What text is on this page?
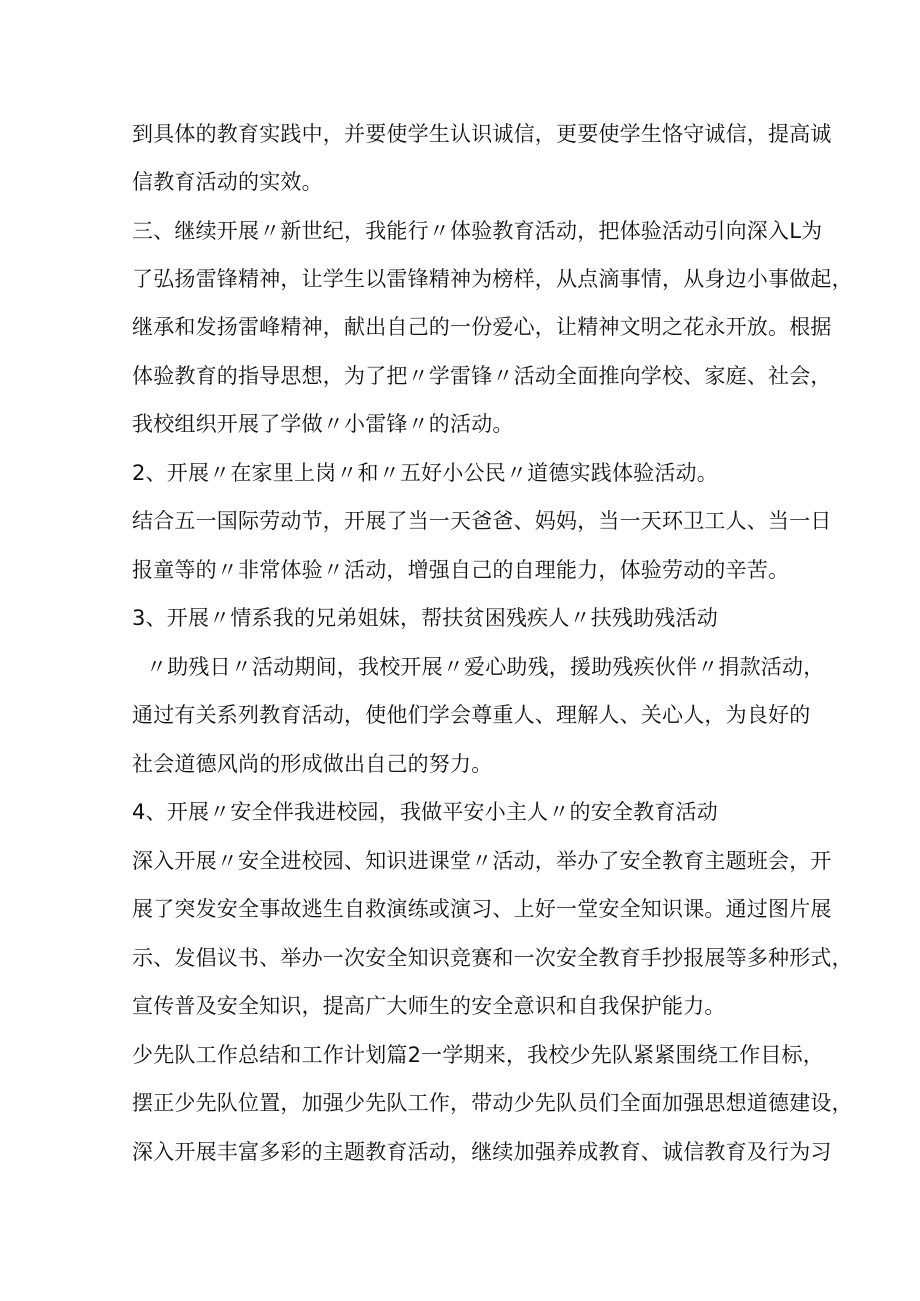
到具体的教育实践中，并要使学生认识诚信，更要使学生恪守诚信，提高诚
信教育活动的实效。
三、继续开展〃新世纪，我能行〃体验教育活动，把体验活动引向深入L为
了弘扬雷锋精神，让学生以雷锋精神为榜样，从点滴事情，从身边小事做起，
继承和发扬雷峰精神，献出自己的一份爱心，让精神文明之花永开放。根据
体验教育的指导思想，为了把〃学雷锋〃活动全面推向学校、家庭、社会，
我校组织开展了学做〃小雷锋〃的活动。
2、开展〃在家里上岗〃和〃五好小公民〃道德实践体验活动。
结合五一国际劳动节，开展了当一天爸爸、妈妈，当一天环卫工人、当一日
报童等的〃非常体验〃活动，增强自己的自理能力，体验劳动的辛苦。
3、开展〃情系我的兄弟姐妹，帮扶贫困残疾人〃扶残助残活动
〃助残日〃活动期间，我校开展〃爱心助残，援助残疾伙伴〃捐款活动，
通过有关系列教育活动，使他们学会尊重人、理解人、关心人，为良好的
社会道德风尚的形成做出自己的努力。
4、开展〃安全伴我进校园，我做平安小主人〃的安全教育活动
深入开展〃安全进校园、知识进课堂〃活动，举办了安全教育主题班会，开
展了突发安全事故逃生自救演练或演习、上好一堂安全知识课。通过图片展
示、发倡议书、举办一次安全知识竞赛和一次安全教育手抄报展等多种形式，
宣传普及安全知识，提高广大师生的安全意识和自我保护能力。
少先队工作总结和工作计划篇2一学期来，我校少先队紧紧围绕工作目标，
摆正少先队位置，加强少先队工作，带动少先队员们全面加强思想道德建设，
深入开展丰富多彩的主题教育活动，继续加强养成教育、诚信教育及行为习
